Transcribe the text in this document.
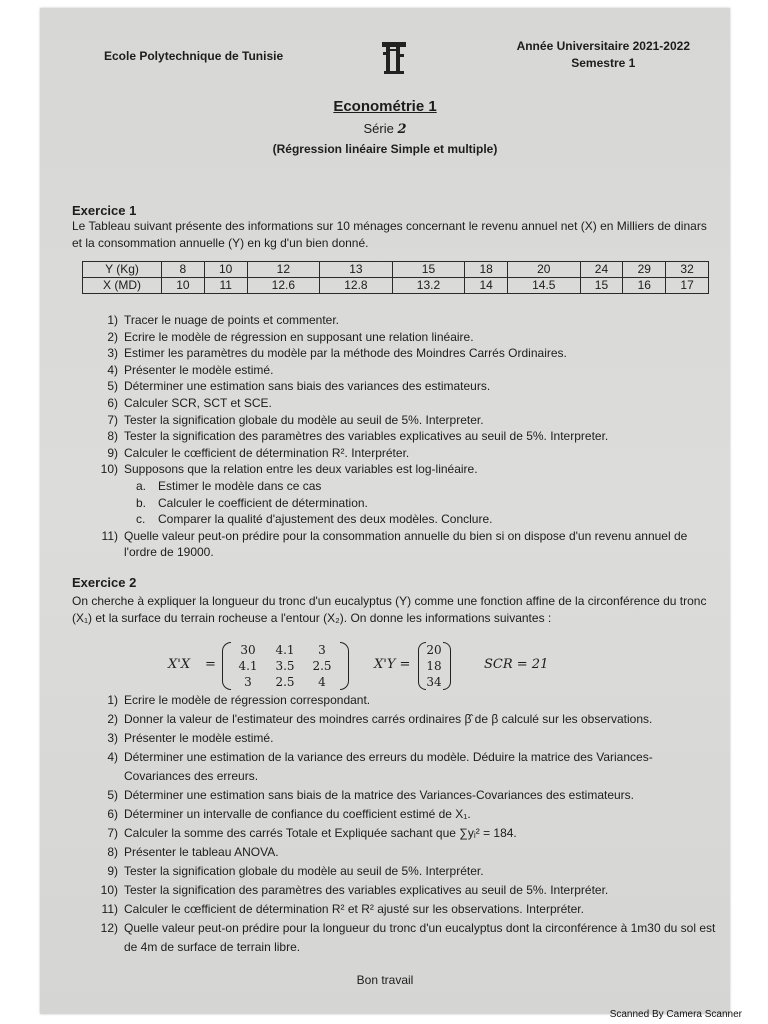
Ecole Polytechnique de Tunisie
Année Universitaire 2021-2022
Semestre 1
Econométrie 1
Série 2
(Régression linéaire Simple et multiple)
Exercice 1
Le Tableau suivant présente des informations sur 10 ménages concernant le revenu annuel net (X) en Milliers de dinars et la consommation annuelle (Y) en kg d'un bien donné.
Y (Kg)	8	10	12	13	15	18	20	24	29	32
X (MD)	10	11	12.6	12.8	13.2	14	14.5	15	16	17
1) Tracer le nuage de points et commenter.
2) Ecrire le modèle de régression en supposant une relation linéaire.
3) Estimer les paramètres du modèle par la méthode des Moindres Carrés Ordinaires.
4) Présenter le modèle estimé.
5) Déterminer une estimation sans biais des variances des estimateurs.
6) Calculer SCR, SCT et SCE.
7) Tester la signification globale du modèle au seuil de 5%. Interpreter.
8) Tester la signification des paramètres des variables explicatives au seuil de 5%. Interpreter.
9) Calculer le cœfficient de détermination R². Interpréter.
10) Supposons que la relation entre les deux variables est log-linéaire.
a. Estimer le modèle dans ce cas
b. Calculer le coefficient de détermination.
c.	Comparer la qualité d'ajustement des deux modèles. Conclure.
11) Quelle valeur peut-on prédire pour la consommation annuelle du bien si on dispose d'un revenu annuel de l'ordre de 19000.
Exercice 2
On cherche à expliquer la longueur du tronc d'un eucalyptus (Y) comme une fonction affine de la circonférence du tronc (X₁) et la surface du terrain rocheuse a l'entour (X₂). On donne les informations suivantes :
X'X =
30	4.1	3
4.1	3.5	2.5
3	2.5	4
X'Y =
20
18
34
SCR = 21
1) Ecrire le modèle de régression correspondant.
2) Donner la valeur de l'estimateur des moindres carrés ordinaires β̂ de β calculé sur les observations.
3) Présenter le modèle estimé.
4) Déterminer une estimation de la variance des erreurs du modèle. Déduire la matrice des Variances-Covariances des erreurs.
5) Déterminer une estimation sans biais de la matrice des Variances-Covariances des estimateurs.
6) Déterminer un intervalle de confiance du coefficient estimé de X₁.
7) Calculer la somme des carrés Totale et Expliquée sachant que ∑yᵢ² = 184.
8) Présenter le tableau ANOVA.
9) Tester la signification globale du modèle au seuil de 5%. Interpréter.
10) Tester la signification des paramètres des variables explicatives au seuil de 5%. Interpréter.
11) Calculer le cœfficient de détermination R² et R² ajusté sur les observations. Interpréter.
12) Quelle valeur peut-on prédire pour la longueur du tronc d'un eucalyptus dont la circonférence à 1m30 du sol est de 4m de surface de terrain libre.
Bon travail
Scanned By Camera Scanner
